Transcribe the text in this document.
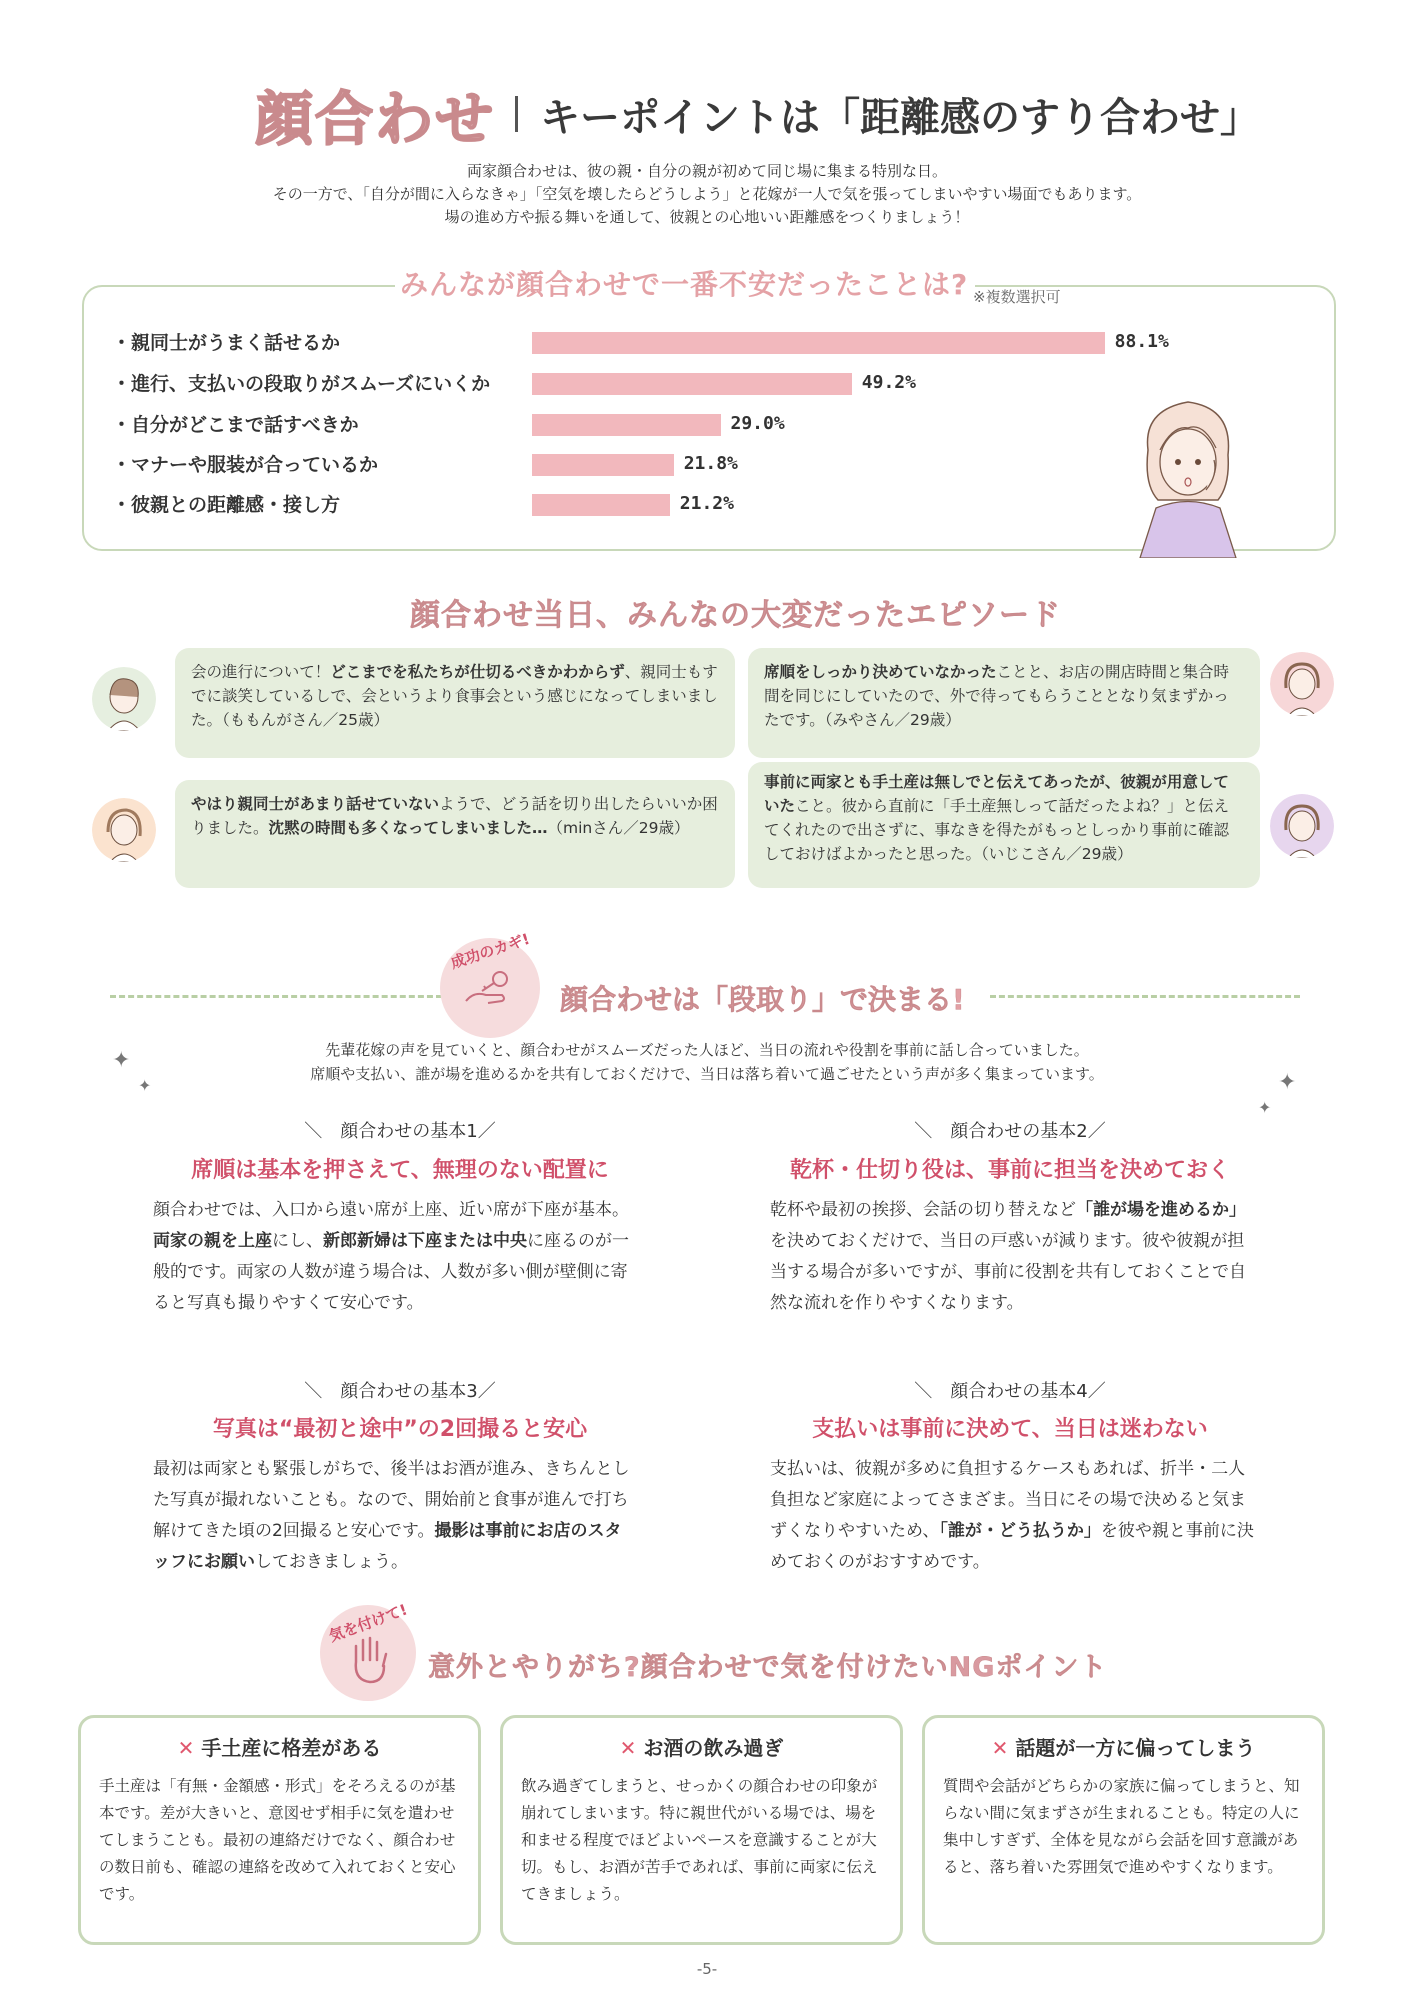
顔合わせ キーポイントは「距離感のすり合わせ」
両家顔合わせは、彼の親・自分の親が初めて同じ場に集まる特別な日。
その一方で、「自分が間に入らなきゃ」「空気を壊したらどうしよう」と花嫁が一人で気を張ってしまいやすい場面でもあります。
場の進め方や振る舞いを通して、彼親との心地いい距離感をつくりましょう！
みんなが顔合わせで一番不安だったことは? ※複数選択可
・親同士がうまく話せるか	88.1%
・進行、支払いの段取りがスムーズにいくか	49.2%
・自分がどこまで話すべきか	29.0%
・マナーや服装が合っているか	21.8%
・彼親との距離感・接し方	21.2%
顔合わせ当日、みんなの大変だったエピソード
会の進行について！どこまでを私たちが仕切るべきかわからず、親同士もすでに談笑しているしで、会というより食事会という感じになってしまいました。（ももんがさん／25歳）
席順をしっかり決めていなかったことと、お店の開店時間と集合時間を同じにしていたので、外で待ってもらうこととなり気まずかったです。（みやさん／29歳）
やはり親同士があまり話せていないようで、どう話を切り出したらいいか困りました。沈黙の時間も多くなってしまいました…（minさん／29歳）
事前に両家とも手土産は無しでと伝えてあったが、彼親が用意していたこと。彼から直前に「手土産無しって話だったよね？」と伝えてくれたので出さずに、事なきを得たがもっとしっかり事前に確認しておけばよかったと思った。（いじこさん／29歳）
成功のカギ!
顔合わせは「段取り」で決まる!
先輩花嫁の声を見ていくと、顔合わせがスムーズだった人ほど、当日の流れや役割を事前に話し合っていました。
席順や支払い、誰が場を進めるかを共有しておくだけで、当日は落ち着いて過ごせたという声が多く集まっています。
✦
✦	✦
✦
＼　顔合わせの基本1／
席順は基本を押さえて、無理のない配置に
顔合わせでは、入口から遠い席が上座、近い席が下座が基本。両家の親を上座にし、新郎新婦は下座または中央に座るのが一般的です。両家の人数が違う場合は、人数が多い側が壁側に寄ると写真も撮りやすくて安心です。
＼　顔合わせの基本2／
乾杯・仕切り役は、事前に担当を決めておく
乾杯や最初の挨拶、会話の切り替えなど「誰が場を進めるか」を決めておくだけで、当日の戸惑いが減ります。彼や彼親が担当する場合が多いですが、事前に役割を共有しておくことで自然な流れを作りやすくなります。
＼　顔合わせの基本3／
写真は“最初と途中”の2回撮ると安心
最初は両家とも緊張しがちで、後半はお酒が進み、きちんとした写真が撮れないことも。なので、開始前と食事が進んで打ち解けてきた頃の2回撮ると安心です。撮影は事前にお店のスタッフにお願いしておきましょう。
＼　顔合わせの基本4／
支払いは事前に決めて、当日は迷わない
支払いは、彼親が多めに負担するケースもあれば、折半・二人負担など家庭によってさまざま。当日にその場で決めると気まずくなりやすいため、「誰が・どう払うか」を彼や親と事前に決めておくのがおすすめです。
気を付けて!
意外とやりがち?顔合わせで気を付けたいNGポイント
✕ 手土産に格差がある
手土産は「有無・金額感・形式」をそろえるのが基本です。差が大きいと、意図せず相手に気を遣わせてしまうことも。最初の連絡だけでなく、顔合わせの数日前も、確認の連絡を改めて入れておくと安心です。
✕ お酒の飲み過ぎ
飲み過ぎてしまうと、せっかくの顔合わせの印象が崩れてしまいます。特に親世代がいる場では、場を和ませる程度でほどよいペースを意識することが大切。もし、お酒が苦手であれば、事前に両家に伝えてきましょう。
✕ 話題が一方に偏ってしまう
質問や会話がどちらかの家族に偏ってしまうと、知らない間に気まずさが生まれることも。特定の人に集中しすぎず、全体を見ながら会話を回す意識があると、落ち着いた雰囲気で進めやすくなります。
-5-
